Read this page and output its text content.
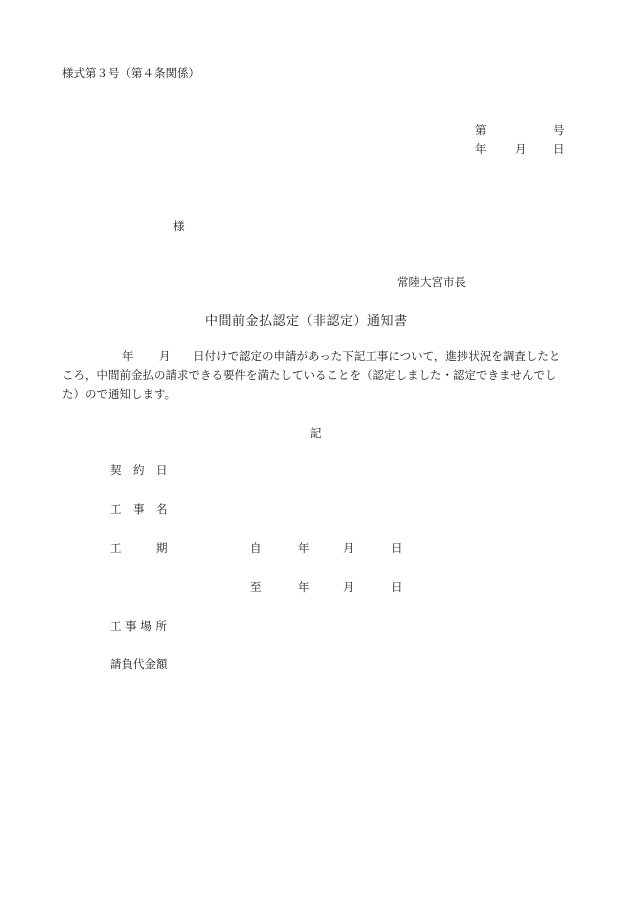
様式第３号（第４条関係）
第	号
年 月 日
様
常陸大宮市長
中間前金払認定（非認定）通知書
年 月 日付けで認定の申請があった下記工事について，進捗状況を調査したと
ころ，中間前金払の請求できる要件を満たしていることを（認定しました・認定できませんでし
た）ので通知します。
記
契　約　日
工　事　名
工　　　期	自	年	月	日
至	年	月	日
工 事 場 所
請負代金額
